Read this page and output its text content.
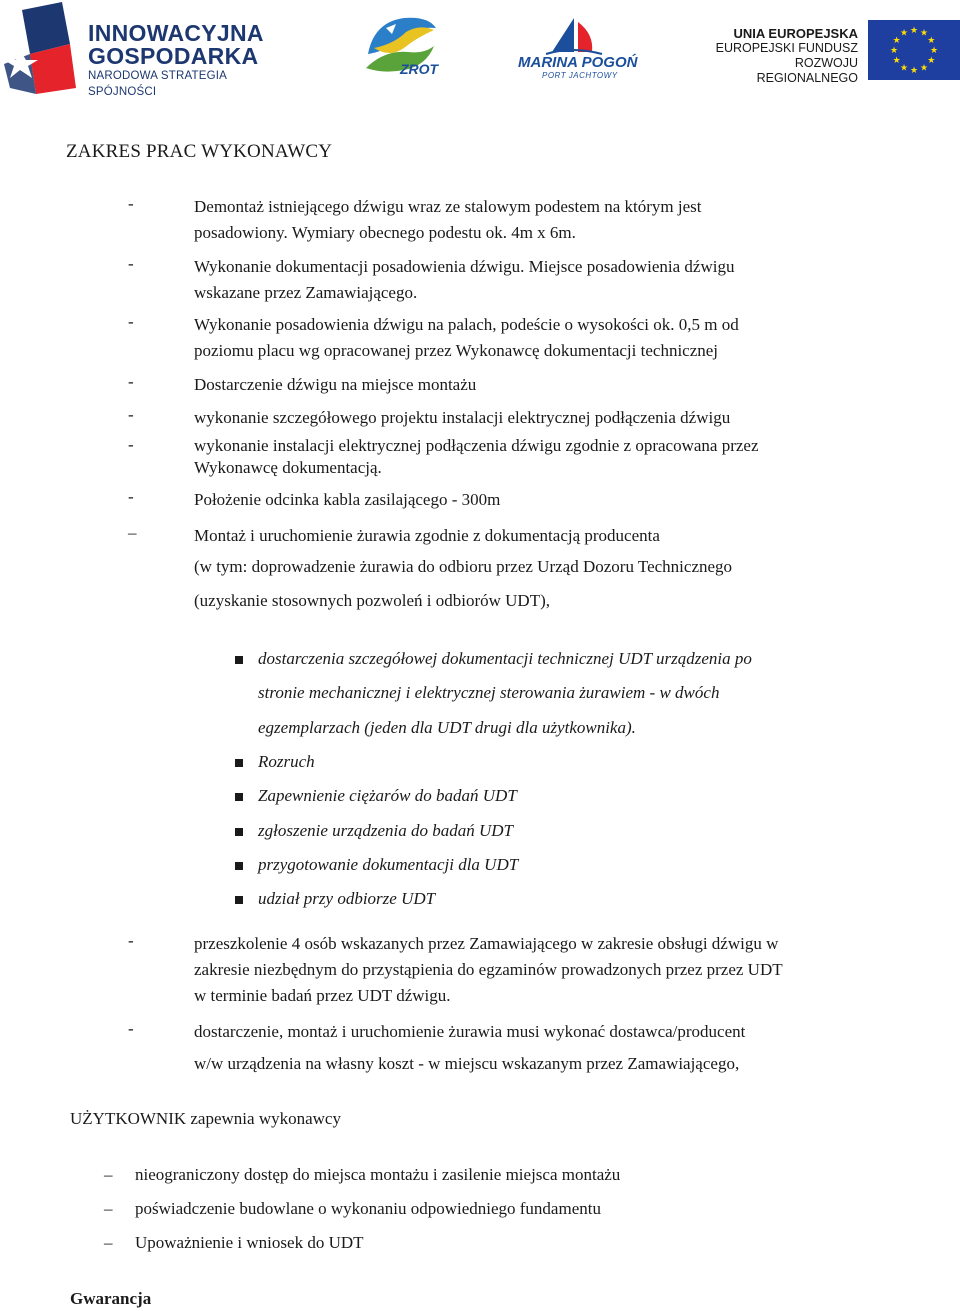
INNOWACYJNA
GOSPODARKA
NARODOWA STRATEGIA SPÓJNOŚCI
ZROT	MARINA POGOŃ
PORT JACHTOWY
UNIA EUROPEJSKA
EUROPEJSKI FUNDUSZ
ROZWOJU REGIONALNEGO
★ ★
★
★
★
★
★
★
★
★
★
★
ZAKRES PRAC WYKONAWCY
-	Demontaż istniejącego dźwigu wraz ze stalowym podestem na którym jest
posadowiony. Wymiary obecnego podestu ok. 4m x 6m.
-	Wykonanie dokumentacji posadowienia dźwigu. Miejsce posadowienia dźwigu
wskazane przez Zamawiającego.
-	Wykonanie posadowienia dźwigu na palach, podeście o wysokości ok. 0,5 m od
poziomu placu wg opracowanej przez Wykonawcę dokumentacji technicznej
-	Dostarczenie dźwigu na miejsce montażu
-	wykonanie szczegółowego projektu instalacji elektrycznej podłączenia dźwigu
-	wykonanie instalacji elektrycznej podłączenia dźwigu zgodnie z opracowana przez
Wykonawcę dokumentacją.
-	Położenie odcinka kabla zasilającego - 300m
–	Montaż i uruchomienie żurawia zgodnie z dokumentacją producenta
(w tym: doprowadzenie żurawia do odbioru przez Urząd Dozoru Technicznego
(uzyskanie stosownych pozwoleń i odbiorów UDT),
dostarczenia szczegółowej dokumentacji technicznej UDT urządzenia po
stronie mechanicznej i elektrycznej sterowania żurawiem - w dwóch
egzemplarzach (jeden dla UDT drugi dla użytkownika).
Rozruch
Zapewnienie ciężarów do badań UDT
zgłoszenie urządzenia do badań UDT
przygotowanie dokumentacji dla UDT
udział przy odbiorze UDT
-	przeszkolenie 4 osób wskazanych przez Zamawiającego w zakresie obsługi dźwigu w
zakresie niezbędnym do przystąpienia do egzaminów prowadzonych przez przez UDT
w terminie badań przez UDT dźwigu.
-	dostarczenie, montaż i uruchomienie żurawia musi wykonać dostawca/producent
w/w urządzenia na własny koszt - w miejscu wskazanym przez Zamawiającego,
UŻYTKOWNIK zapewnia wykonawcy
– nieograniczony dostęp do miejsca montażu i zasilenie miejsca montażu
– poświadczenie budowlane o wykonaniu odpowiedniego fundamentu
– Upoważnienie i wniosek do UDT
Gwarancja
